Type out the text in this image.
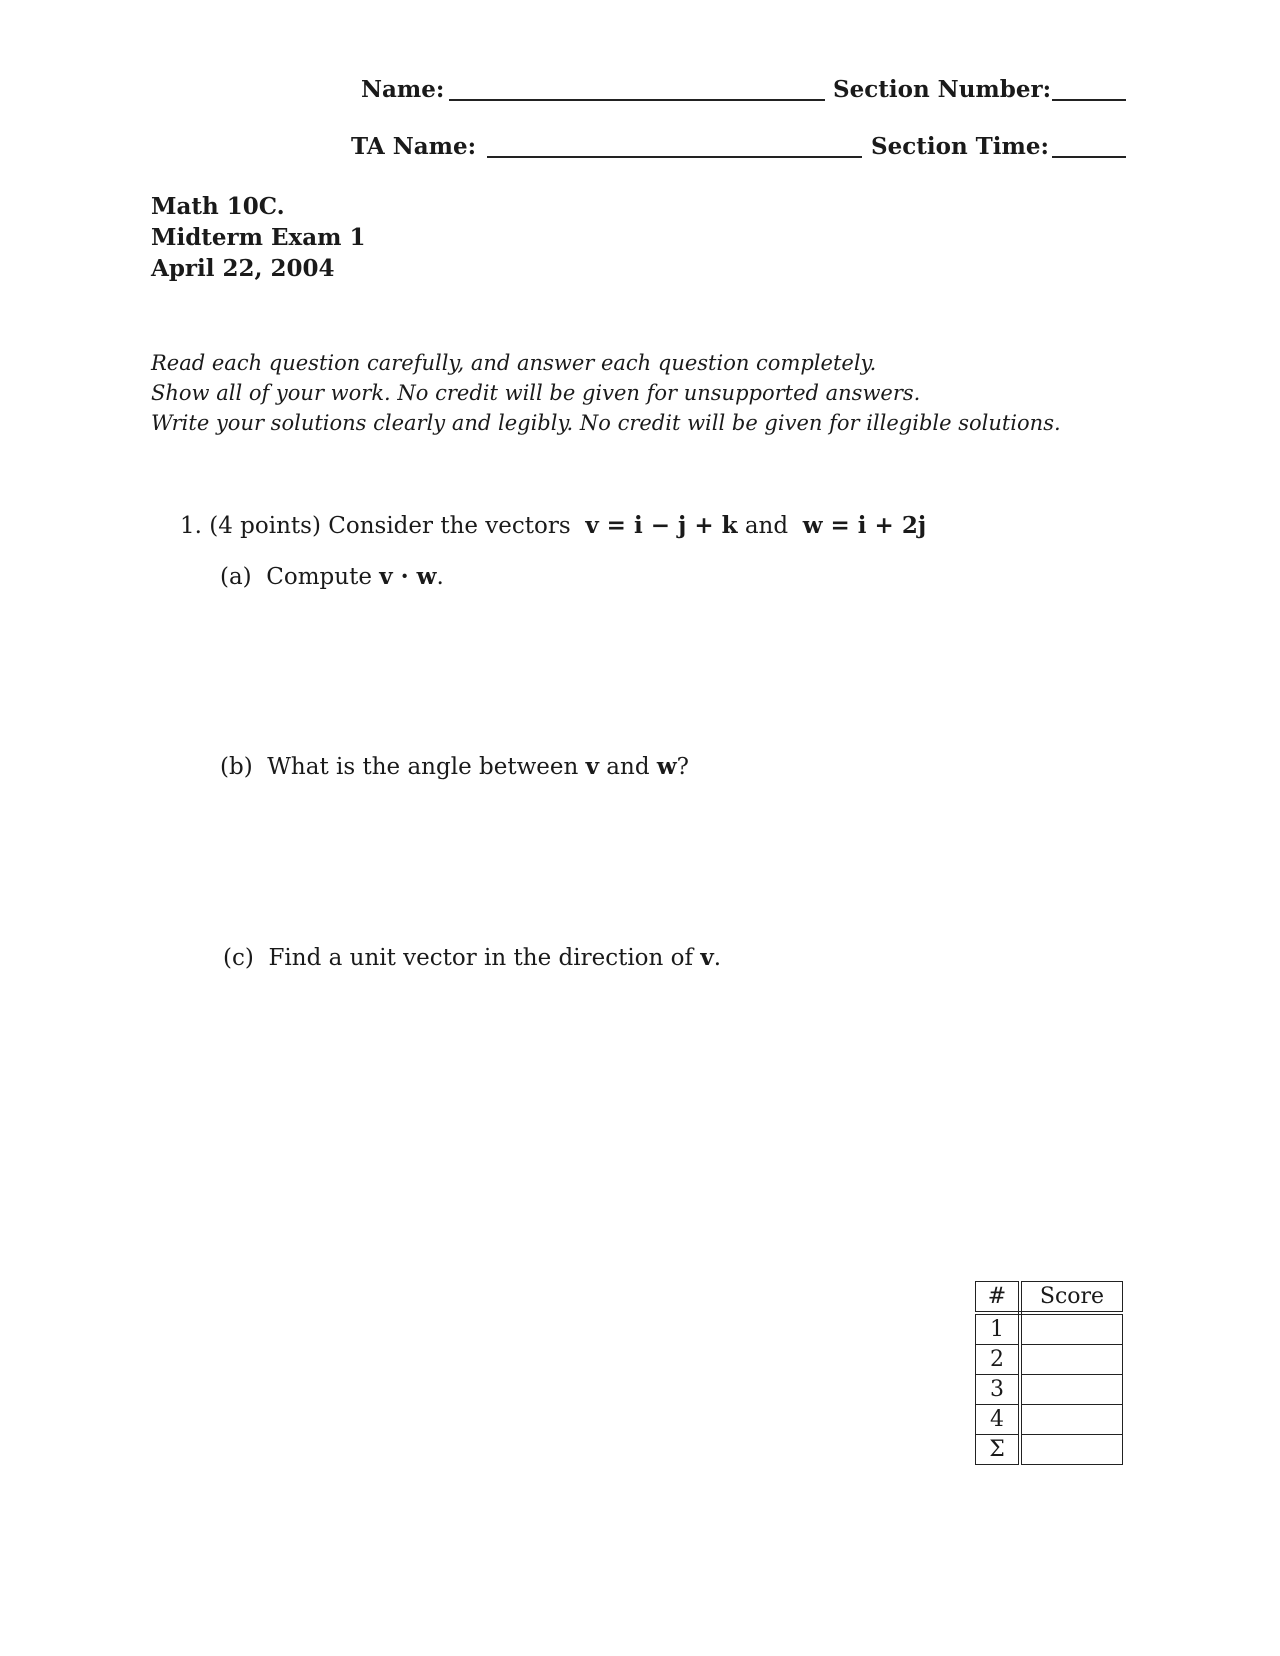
Name:	Section Number:
TA Name:	Section Time:
Math 10C.
Midterm Exam 1
April 22, 2004
Read each question carefully, and answer each question completely.
Show all of your work. No credit will be given for unsupported answers.
Write your solutions clearly and legibly. No credit will be given for illegible solutions.
1. (4 points) Consider the vectors v = i − j + k and w = i + 2j
(a) Compute v · w.
(b) What is the angle between v and w?
(c) Find a unit vector in the direction of v.
#	Score
1	
2	
3	
4	
Σ	
